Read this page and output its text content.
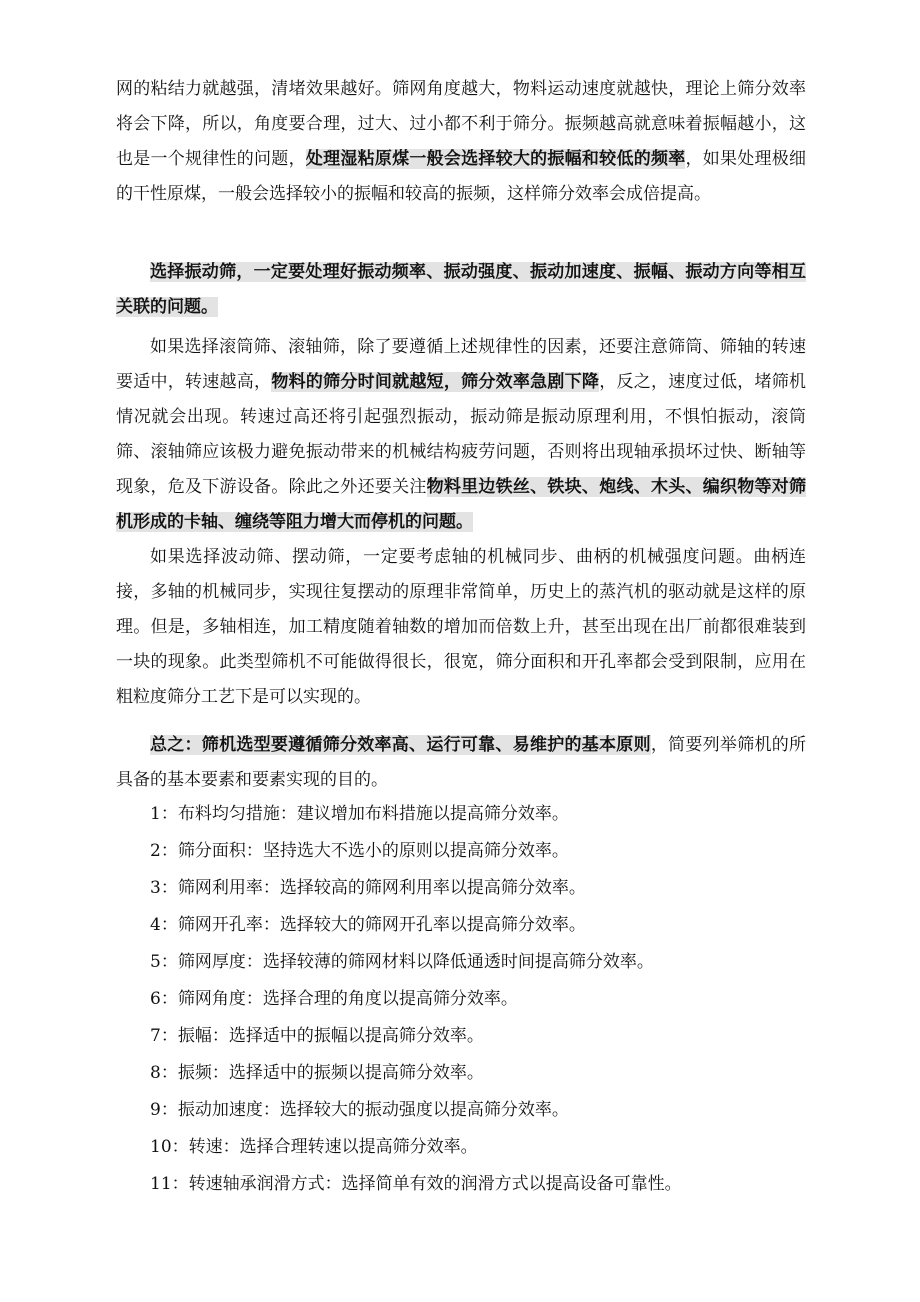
网的粘结力就越强，清堵效果越好。筛网角度越大，物料运动速度就越快，理论上筛分效率将会下降，所以，角度要合理，过大、过小都不利于筛分。振频越高就意味着振幅越小，这也是一个规律性的问题，处理湿粘原煤一般会选择较大的振幅和较低的频率，如果处理极细的干性原煤，一般会选择较小的振幅和较高的振频，这样筛分效率会成倍提高。

选择振动筛，一定要处理好振动频率、振动强度、振动加速度、振幅、振动方向等相互关联的问题。

如果选择滚筒筛、滚轴筛，除了要遵循上述规律性的因素，还要注意筛筒、筛轴的转速要适中，转速越高，物料的筛分时间就越短，筛分效率急剧下降，反之，速度过低，堵筛机情况就会出现。转速过高还将引起强烈振动，振动筛是振动原理利用，不惧怕振动，滚筒筛、滚轴筛应该极力避免振动带来的机械结构疲劳问题，否则将出现轴承损坏过快、断轴等现象，危及下游设备。除此之外还要关注物料里边铁丝、铁块、炮线、木头、编织物等对筛机形成的卡轴、缠绕等阻力增大而停机的问题。

如果选择波动筛、摆动筛，一定要考虑轴的机械同步、曲柄的机械强度问题。曲柄连接，多轴的机械同步，实现往复摆动的原理非常简单，历史上的蒸汽机的驱动就是这样的原理。但是，多轴相连，加工精度随着轴数的增加而倍数上升，甚至出现在出厂前都很难装到一块的现象。此类型筛机不可能做得很长，很宽，筛分面积和开孔率都会受到限制，应用在粗粒度筛分工艺下是可以实现的。

总之：筛机选型要遵循筛分效率高、运行可靠、易维护的基本原则，简要列举筛机的所具备的基本要素和要素实现的目的。

1：布料均匀措施：建议增加布料措施以提高筛分效率。
2：筛分面积：坚持选大不选小的原则以提高筛分效率。
3：筛网利用率：选择较高的筛网利用率以提高筛分效率。
4：筛网开孔率：选择较大的筛网开孔率以提高筛分效率。
5：筛网厚度：选择较薄的筛网材料以降低通透时间提高筛分效率。
6：筛网角度：选择合理的角度以提高筛分效率。
7：振幅：选择适中的振幅以提高筛分效率。
8：振频：选择适中的振频以提高筛分效率。
9：振动加速度：选择较大的振动强度以提高筛分效率。
10：转速：选择合理转速以提高筛分效率。
11：转速轴承润滑方式：选择简单有效的润滑方式以提高设备可靠性。
